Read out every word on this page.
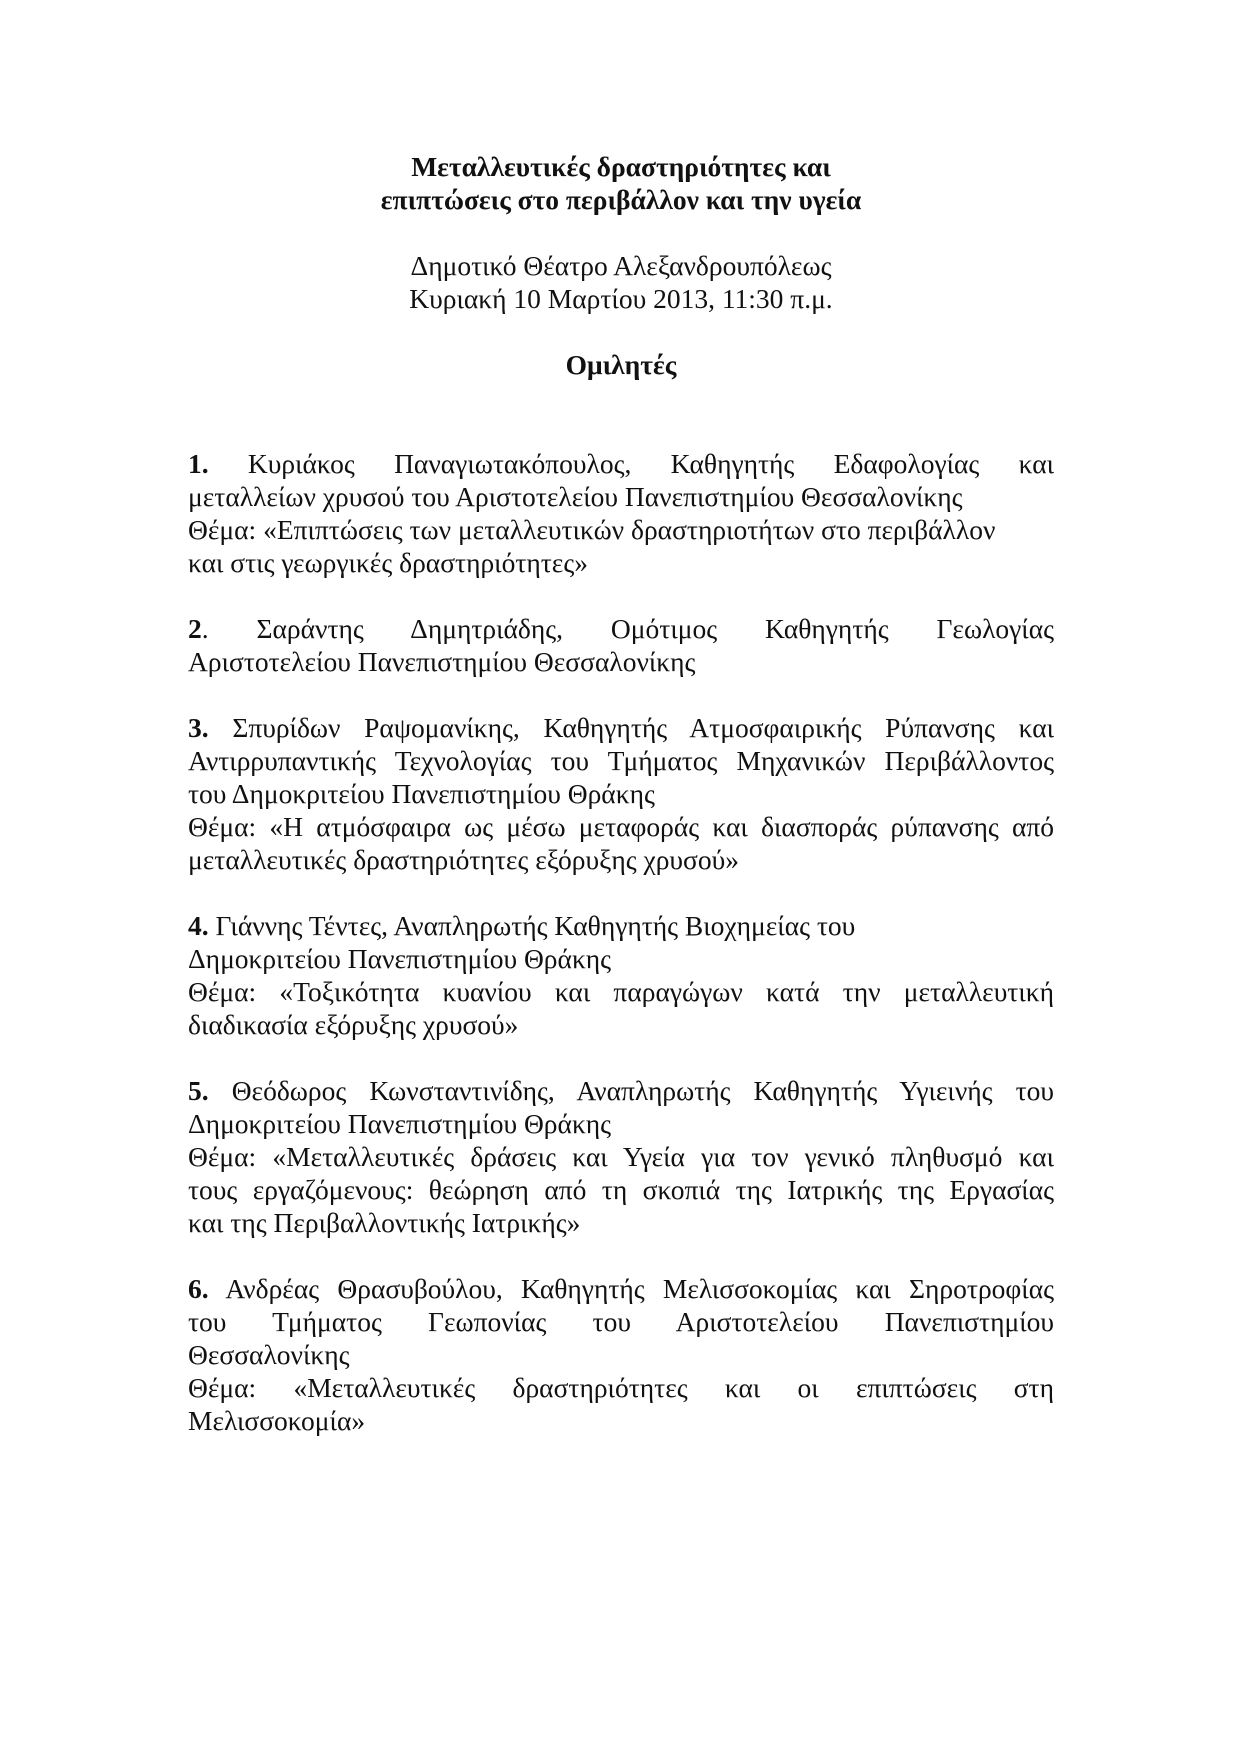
Μεταλλευτικές δραστηριότητες και
επιπτώσεις στο περιβάλλον και την υγεία
Δημοτικό Θέατρο Αλεξανδρουπόλεως
Κυριακή 10 Μαρτίου 2013, 11:30 π.μ.
Ομιλητές
1. Κυριάκος Παναγιωτακόπουλος, Καθηγητής Εδαφολογίας και
μεταλλείων χρυσού του Αριστοτελείου Πανεπιστημίου Θεσσαλονίκης
Θέμα: «Επιπτώσεις των μεταλλευτικών δραστηριοτήτων στο περιβάλλον
και στις γεωργικές δραστηριότητες»
2. Σαράντης Δημητριάδης, Ομότιμος Καθηγητής Γεωλογίας
Αριστοτελείου Πανεπιστημίου Θεσσαλονίκης
3. Σπυρίδων Ραψομανίκης, Καθηγητής Ατμοσφαιρικής Ρύπανσης και
Αντιρρυπαντικής Τεχνολογίας του Τμήματος Μηχανικών Περιβάλλοντος
του Δημοκριτείου Πανεπιστημίου Θράκης
Θέμα: «Η ατμόσφαιρα ως μέσω μεταφοράς και διασποράς ρύπανσης από
μεταλλευτικές δραστηριότητες εξόρυξης χρυσού»
4. Γιάννης Τέντες, Αναπληρωτής Καθηγητής Βιοχημείας του
Δημοκριτείου Πανεπιστημίου Θράκης
Θέμα: «Τοξικότητα κυανίου και παραγώγων κατά την μεταλλευτική
διαδικασία εξόρυξης χρυσού»
5. Θεόδωρος Κωνσταντινίδης, Αναπληρωτής Καθηγητής Υγιεινής του
Δημοκριτείου Πανεπιστημίου Θράκης
Θέμα: «Μεταλλευτικές δράσεις και Υγεία για τον γενικό πληθυσμό και
τους εργαζόμενους: θεώρηση από τη σκοπιά της Ιατρικής της Εργασίας
και της Περιβαλλοντικής Ιατρικής»
6. Ανδρέας Θρασυβούλου, Καθηγητής Μελισσοκομίας και Σηροτροφίας
του Τμήματος Γεωπονίας του Αριστοτελείου Πανεπιστημίου
Θεσσαλονίκης
Θέμα: «Μεταλλευτικές δραστηριότητες και οι επιπτώσεις στη
Μελισσοκομία»
